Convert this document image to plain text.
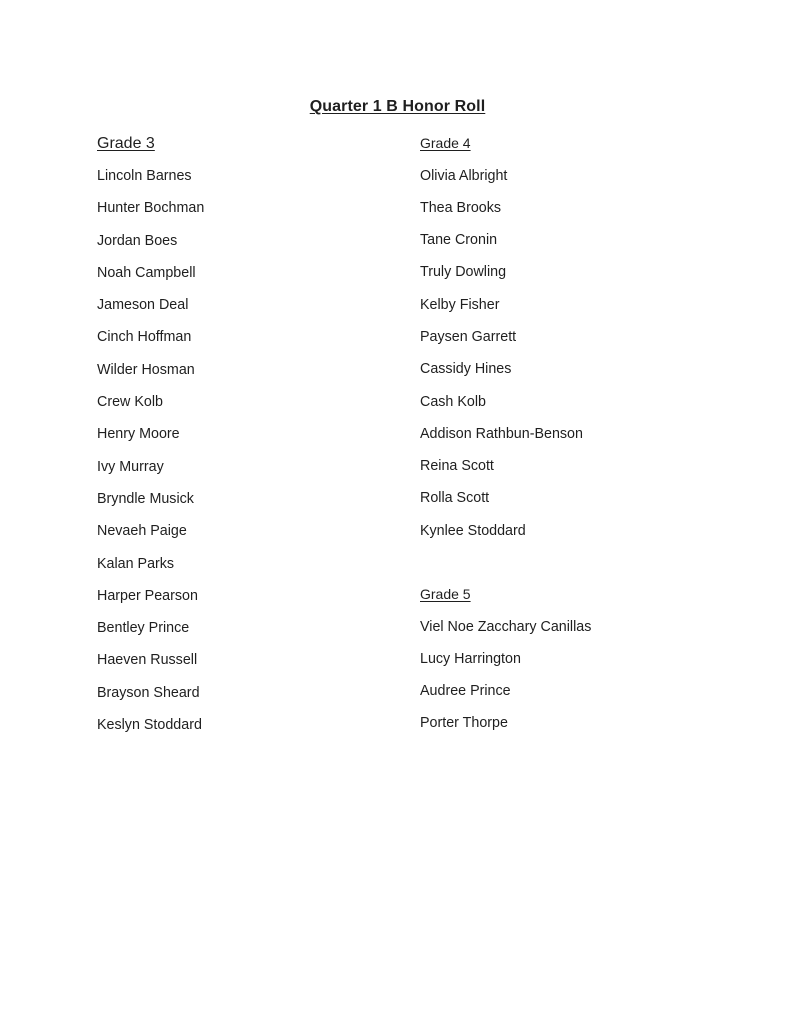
Quarter 1 B Honor Roll
Grade 3
Lincoln Barnes
Hunter Bochman
Jordan Boes
Noah Campbell
Jameson Deal
Cinch Hoffman
Wilder Hosman
Crew Kolb
Henry Moore
Ivy Murray
Bryndle Musick
Nevaeh Paige
Kalan Parks
Harper Pearson
Bentley Prince
Haeven Russell
Brayson Sheard
Keslyn Stoddard
Grade 4
Olivia Albright
Thea Brooks
Tane Cronin
Truly Dowling
Kelby Fisher
Paysen Garrett
Cassidy Hines
Cash Kolb
Addison Rathbun-Benson
Reina Scott
Rolla Scott
Kynlee Stoddard
Grade 5
Viel Noe Zacchary Canillas
Lucy Harrington
Audree Prince
Porter Thorpe
